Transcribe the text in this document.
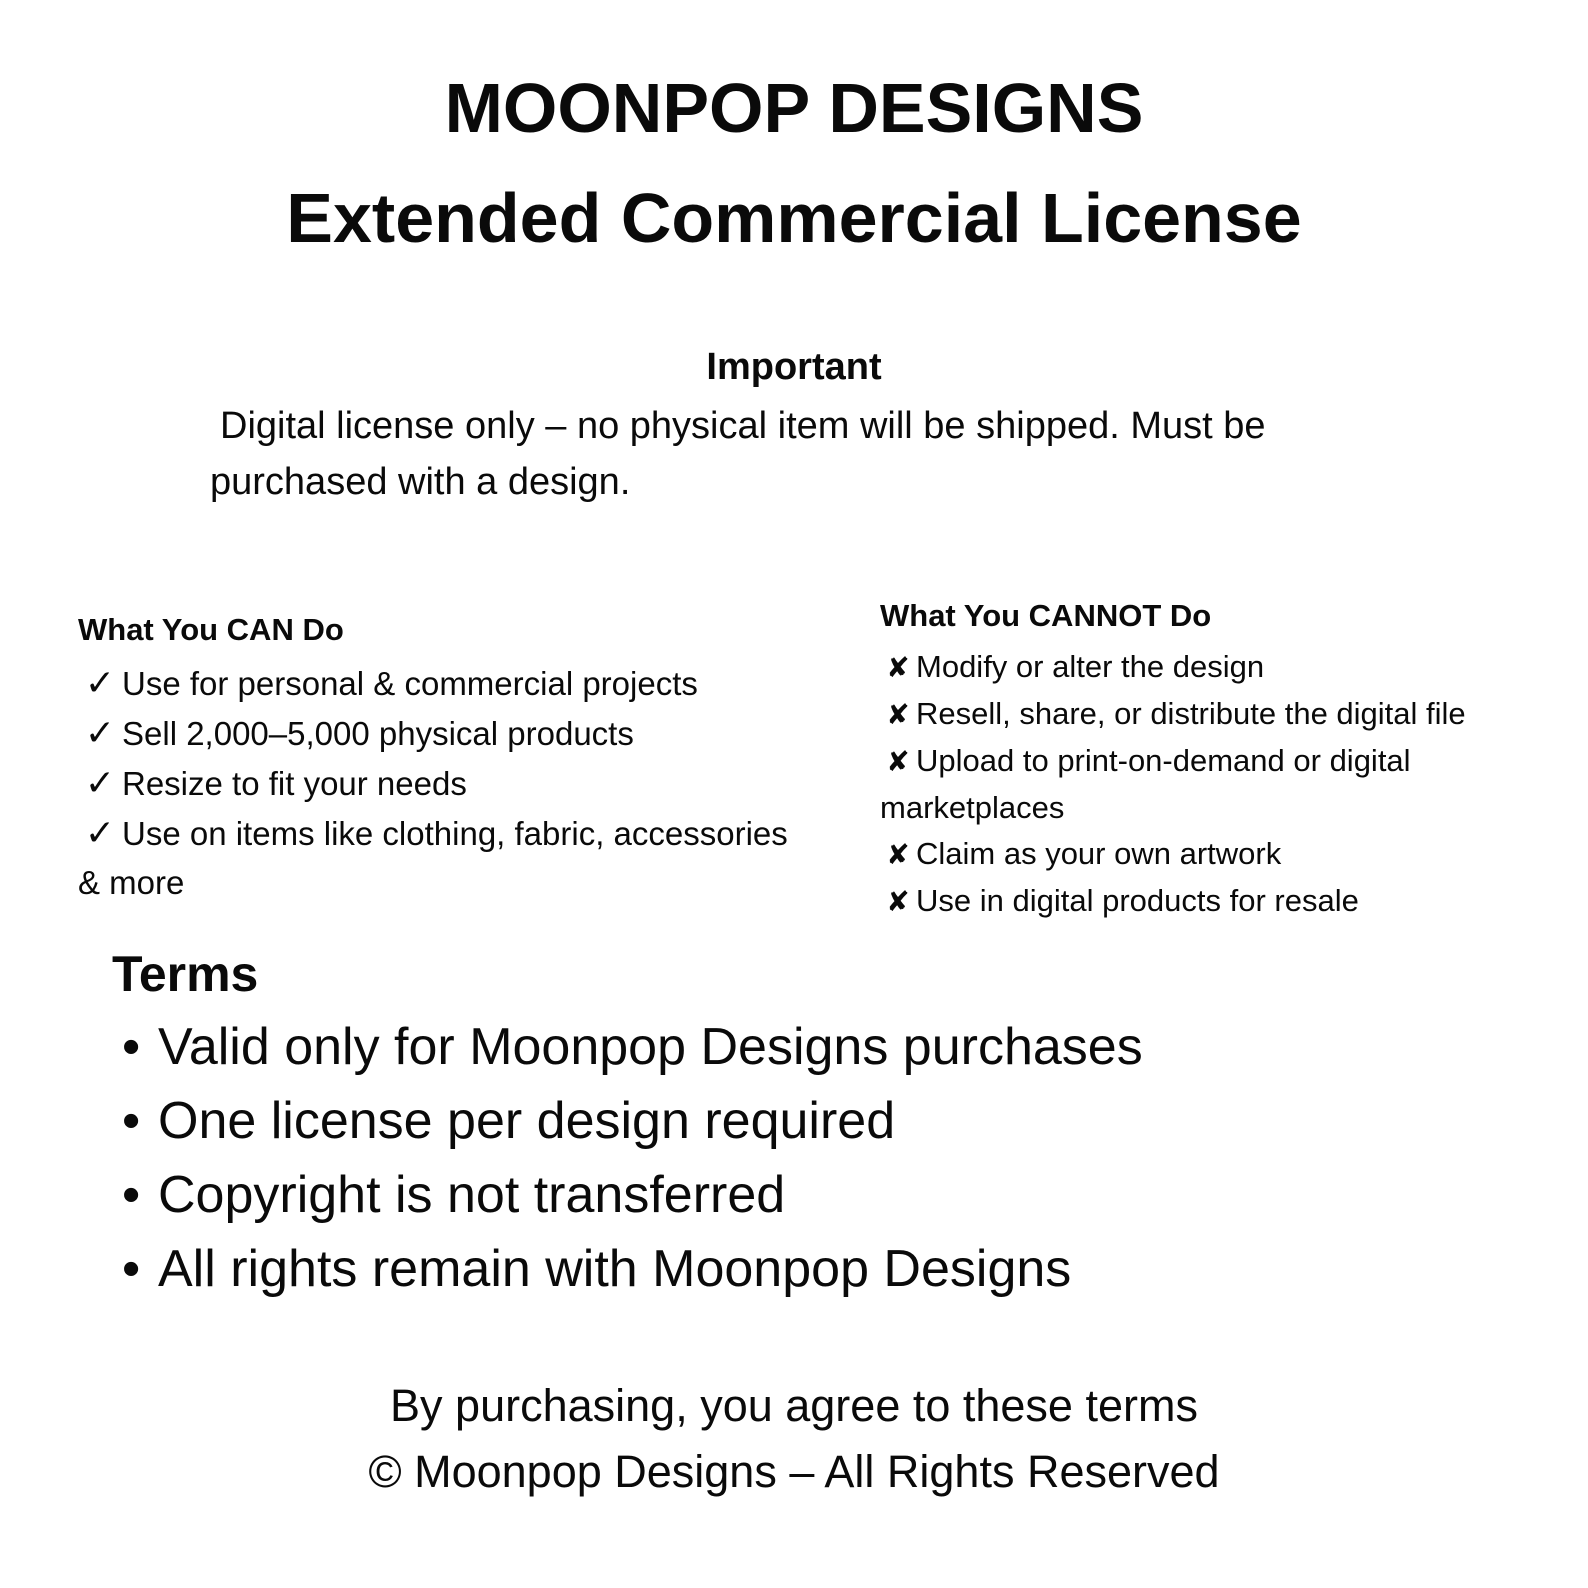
MOONPOP DESIGNS
Extended Commercial License
Important
Digital license only – no physical item will be shipped. Must be
purchased with a design.
What You CAN Do
✓ Use for personal & commercial projects
✓ Sell 2,000–5,000 physical products
✓ Resize to fit your needs
✓ Use on items like clothing, fabric, accessories
& more
What You CANNOT Do
✘ Modify or alter the design
✘ Resell, share, or distribute the digital file
✘ Upload to print-on-demand or digital
marketplaces
✘ Claim as your own artwork
✘ Use in digital products for resale
Terms
• Valid only for Moonpop Designs purchases
• One license per design required
• Copyright is not transferred
• All rights remain with Moonpop Designs
By purchasing, you agree to these terms
© Moonpop Designs – All Rights Reserved
